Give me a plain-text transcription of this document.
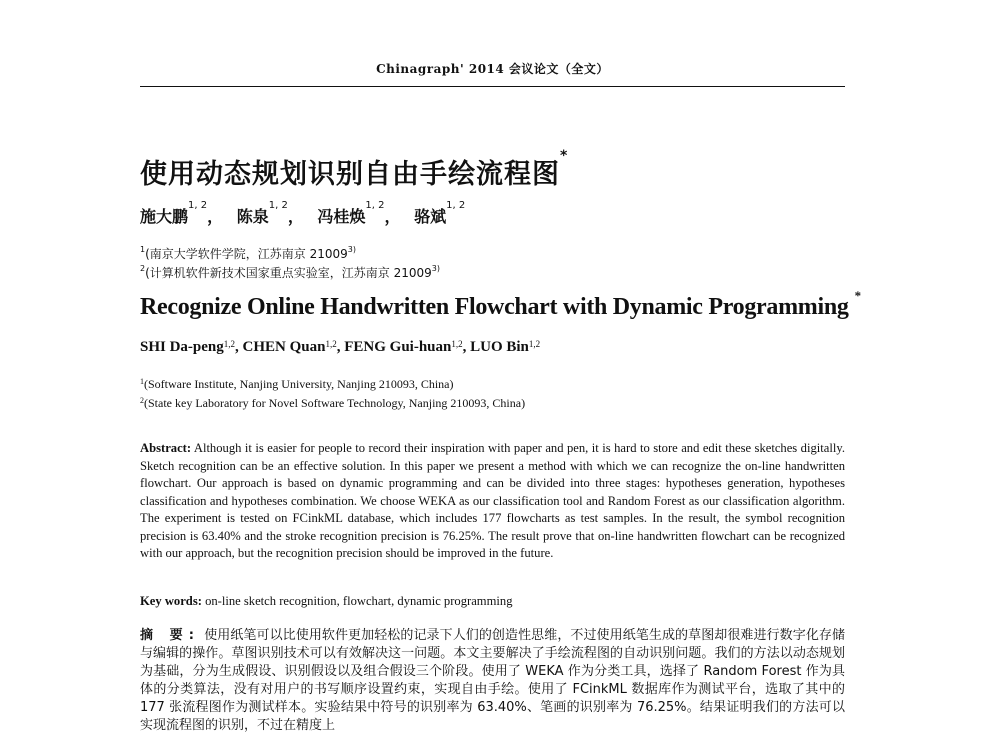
Chinagraph' 2014 会议论文（全文）
使用动态规划识别自由手绘流程图*
施大鹏$^{1, 2}$， 陈泉$^{1, 2}$， 冯桂焕$^{1, 2}$， 骆斌$^{1, 2}$
$^1$(南京大学软件学院，江苏南京 21009$^{3)}$
$^2$(计算机软件新技术国家重点实验室，江苏南京 21009$^{3)}$
Recognize Online Handwritten Flowchart with Dynamic Programming *
SHI Da-peng$^{1,2}$, CHEN Quan$^{1,2}$, FENG Gui-huan$^{1,2}$, LUO Bin$^{1,2}$
$^1$(Software Institute, Nanjing University, Nanjing 210093, China)
$^2$(State key Laboratory for Novel Software Technology, Nanjing 210093, China)
Abstract: Although it is easier for people to record their inspiration with paper and pen, it is hard to store and edit these sketches digitally. Sketch recognition can be an effective solution. In this paper we present a method with which we can recognize the on-line handwritten flowchart. Our approach is based on dynamic programming and can be divided into three stages: hypotheses generation, hypotheses classification and hypotheses combination. We choose WEKA as our classification tool and Random Forest as our classification algorithm. The experiment is tested on FCinkML database, which includes 177 flowcharts as test samples. In the result, the symbol recognition precision is 63.40% and the stroke recognition precision is 76.25%. The result prove that on-line handwritten flowchart can be recognized with our approach, but the recognition precision should be improved in the future.
Key words: on-line sketch recognition, flowchart, dynamic programming
摘 要: 使用纸笔可以比使用软件更加轻松的记录下人们的创造性思维，不过使用纸笔生成的草图却很难进行数字化存储与编辑的操作。草图识别技术可以有效解决这一问题。本文主要解决了手绘流程图的自动识别问题。我们的方法以动态规划为基础，分为生成假设、识别假设以及组合假设三个阶段。使用了 WEKA 作为分类工具，选择了 Random Forest 作为具体的分类算法，没有对用户的书写顺序设置约束，实现自由手绘。使用了 FCinkML 数据库作为测试平台，选取了其中的 177 张流程图作为测试样本。实验结果中符号的识别率为 63.40%、笔画的识别率为 76.25%。结果证明我们的方法可以实现流程图的识别，不过在精度上
